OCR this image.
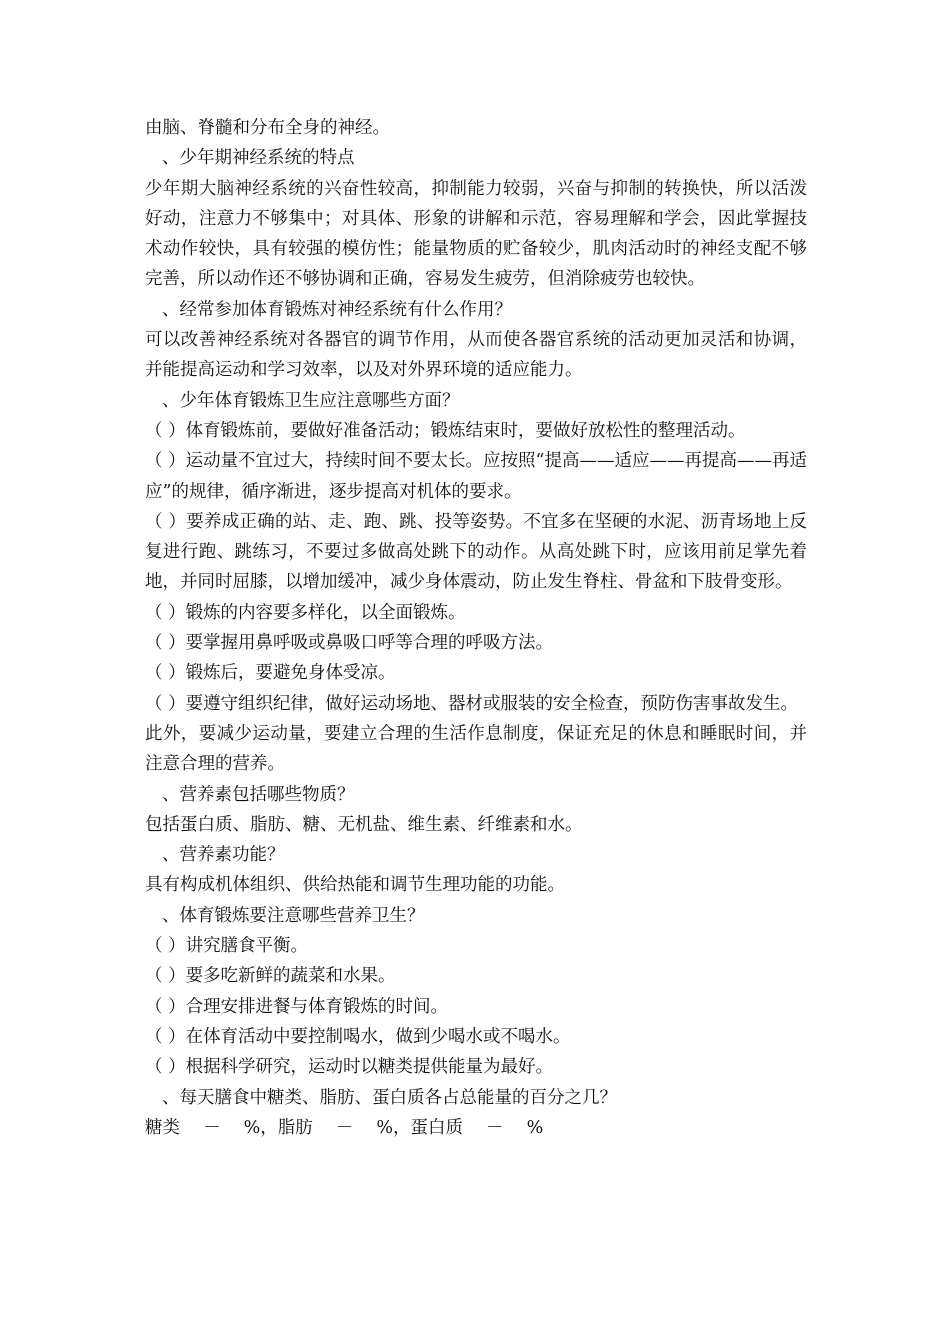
由脑、脊髓和分布全身的神经。

、少年期神经系统的特点

少年期大脑神经系统的兴奋性较高，抑制能力较弱，兴奋与抑制的转换快，所以活泼好动，注意力不够集中；对具体、形象的讲解和示范，容易理解和学会，因此掌握技术动作较快，具有较强的模仿性；能量物质的贮备较少，肌肉活动时的神经支配不够完善，所以动作还不够协调和正确，容易发生疲劳，但消除疲劳也较快。

、经常参加体育锻炼对神经系统有什么作用？

可以改善神经系统对各器官的调节作用，从而使各器官系统的活动更加灵活和协调，并能提高运动和学习效率，以及对外界环境的适应能力。

、少年体育锻炼卫生应注意哪些方面？

（ ）体育锻炼前，要做好准备活动；锻炼结束时，要做好放松性的整理活动。

（ ）运动量不宜过大，持续时间不要太长。应按照“提高——适应——再提高——再适应”的规律，循序渐进，逐步提高对机体的要求。

（ ）要养成正确的站、走、跑、跳、投等姿势。不宜多在坚硬的水泥、沥青场地上反复进行跑、跳练习，不要过多做高处跳下的动作。从高处跳下时，应该用前足掌先着地，并同时屈膝，以增加缓冲，减少身体震动，防止发生脊柱、骨盆和下肢骨变形。

（ ）锻炼的内容要多样化，以全面锻炼。

（ ）要掌握用鼻呼吸或鼻吸口呼等合理的呼吸方法。

（ ）锻炼后，要避免身体受凉。

（ ）要遵守组织纪律，做好运动场地、器材或服装的安全检查，预防伤害事故发生。

此外，要减少运动量，要建立合理的生活作息制度，保证充足的休息和睡眠时间，并注意合理的营养。

、营养素包括哪些物质？

包括蛋白质、脂肪、糖、无机盐、维生素、纤维素和水。

、营养素功能？

具有构成机体组织、供给热能和调节生理功能的功能。

、体育锻炼要注意哪些营养卫生？

（ ）讲究膳食平衡。

（ ）要多吃新鲜的蔬菜和水果。

（ ）合理安排进餐与体育锻炼的时间。

（ ）在体育活动中要控制喝水，做到少喝水或不喝水。

（ ）根据科学研究，运动时以糖类提供能量为最好。

、每天膳食中糖类、脂肪、蛋白质各占总能量的百分之几？

糖类　 －　 %，脂肪　 －　 %，蛋白质　 －　 %
